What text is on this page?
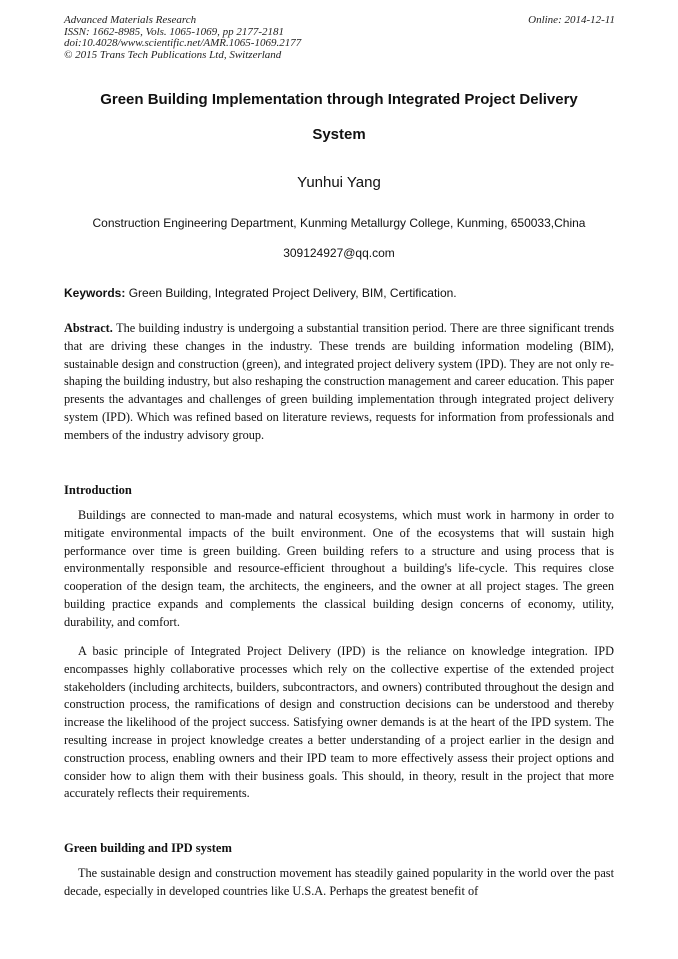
Advanced Materials Research
ISSN: 1662-8985, Vols. 1065-1069, pp 2177-2181
doi:10.4028/www.scientific.net/AMR.1065-1069.2177
© 2015 Trans Tech Publications Ltd, Switzerland
Online: 2014-12-11
Green Building Implementation through Integrated Project Delivery
System
Yunhui Yang
Construction Engineering Department, Kunming Metallurgy College, Kunming, 650033,China
309124927@qq.com
Keywords: Green Building, Integrated Project Delivery, BIM, Certification.

Abstract. The building industry is undergoing a substantial transition period. There are three significant trends that are driving these changes in the industry. These trends are building information modeling (BIM), sustainable design and construction (green), and integrated project delivery system (IPD). They are not only re-shaping the building industry, but also reshaping the construction management and career education. This paper presents the advantages and challenges of green building implementation through integrated project delivery system (IPD). Which was refined based on literature reviews, requests for information from professionals and members of the industry advisory group.

Introduction

Buildings are connected to man-made and natural ecosystems, which must work in harmony in order to mitigate environmental impacts of the built environment. One of the ecosystems that will sustain high performance over time is green building. Green building refers to a structure and using process that is environmentally responsible and resource-efficient throughout a building's life-cycle. This requires close cooperation of the design team, the architects, the engineers, and the owner at all project stages. The green building practice expands and complements the classical building design concerns of economy, utility, durability, and comfort.

A basic principle of Integrated Project Delivery (IPD) is the reliance on knowledge integration. IPD encompasses highly collaborative processes which rely on the collective expertise of the extended project stakeholders (including architects, builders, subcontractors, and owners) contributed throughout the design and construction process, the ramifications of design and construction decisions can be understood and thereby increase the likelihood of the project success. Satisfying owner demands is at the heart of the IPD system. The resulting increase in project knowledge creates a better understanding of a project earlier in the design and construction process, enabling owners and their IPD team to more effectively assess their project options and consider how to align them with their business goals. This should, in theory, result in the project that more accurately reflects their requirements.

Green building and IPD system

The sustainable design and construction movement has steadily gained popularity in the world over the past decade, especially in developed countries like U.S.A. Perhaps the greatest benefit of
